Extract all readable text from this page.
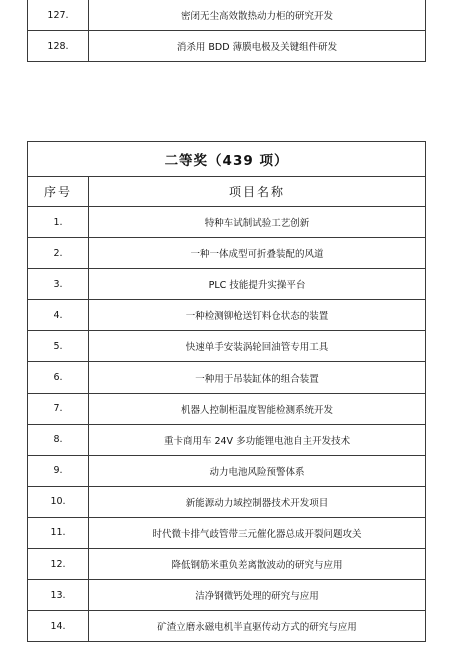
127.	密闭无尘高效散热动力柜的研究开发
128.	消杀用 BDD 薄膜电极及关键组件研发
二等奖（439 项）	
序号	项目名称
1.	特种车试制试验工艺创新
2.	一种一体成型可折叠装配的风道
3.	PLC 技能提升实操平台
4.	一种检测铆枪送钉料仓状态的装置
5.	快速单手安装涡轮回油管专用工具
6.	一种用于吊装缸体的组合装置
7.	机器人控制柜温度智能检测系统开发
8.	重卡商用车 24V 多功能锂电池自主开发技术
9.	动力电池风险预警体系
10.	新能源动力域控制器技术开发项目
11.	时代微卡排气歧管带三元催化器总成开裂问题攻关
12.	降低钢筋米重负差离散波动的研究与应用
13.	洁净钢微钙处理的研究与应用
14.	矿渣立磨永磁电机半直驱传动方式的研究与应用
